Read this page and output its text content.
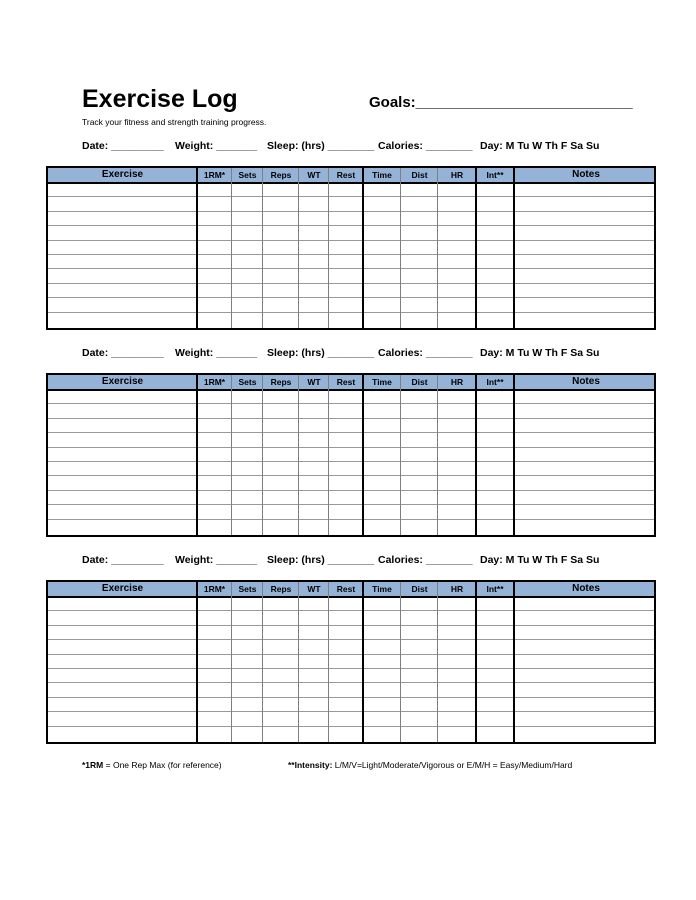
Exercise Log	Goals:__________________________
Track your fitness and strength training progress.
Date: _________ Weight: _______ Sleep: (hrs) ________ Calories: ________ Day: M Tu W Th F Sa Su
Exercise	1RM*	Sets	Reps	WT	Rest	Time	Dist	HR	Int**	Notes
Date: _________ Weight: _______ Sleep: (hrs) ________ Calories: ________ Day: M Tu W Th F Sa Su
Exercise	1RM*	Sets	Reps	WT	Rest	Time	Dist	HR	Int**	Notes
Date: _________ Weight: _______ Sleep: (hrs) ________ Calories: ________ Day: M Tu W Th F Sa Su
Exercise	1RM*	Sets	Reps	WT	Rest	Time	Dist	HR	Int**	Notes
*1RM = One Rep Max (for reference)	**Intensity: L/M/V=Light/Moderate/Vigorous or E/M/H = Easy/Medium/Hard
